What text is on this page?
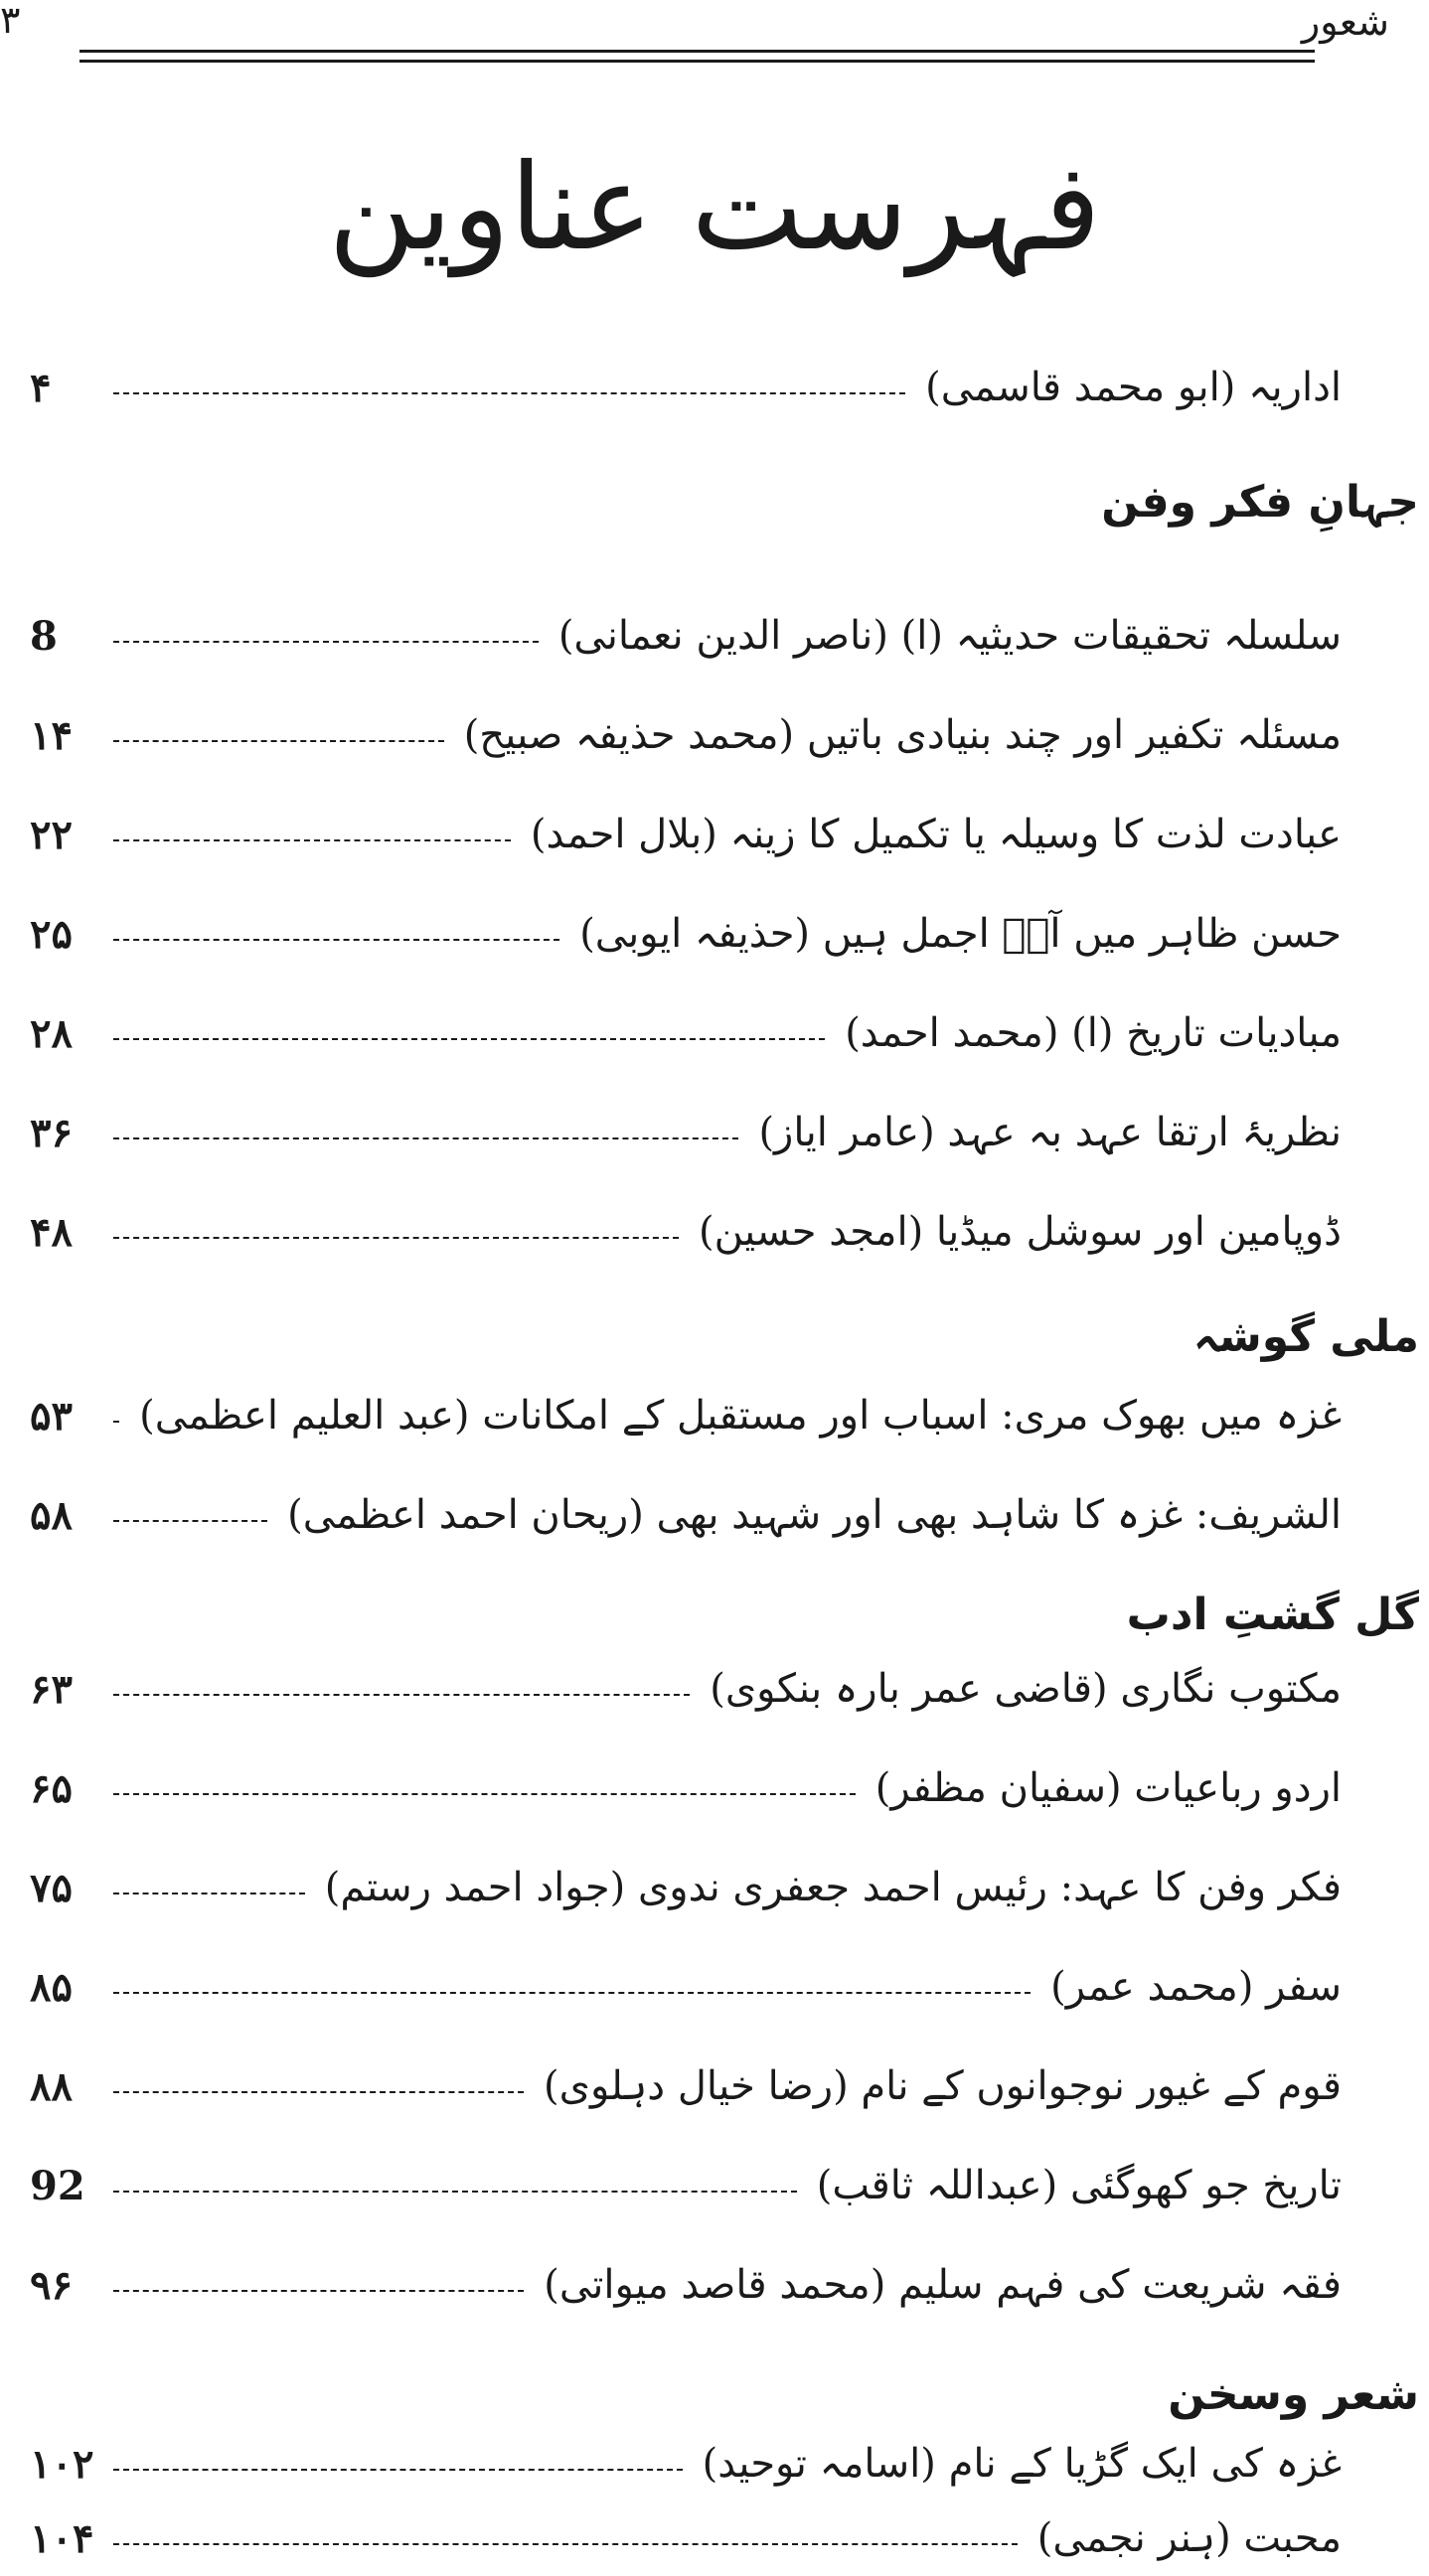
شعور
۳
فہرست عناوین
اداریہ (ابو محمد قاسمی)
۴
جہانِ فکر وفن
سلسلہ تحقیقات حدیثیہ (ا) (ناصر الدین نعمانی)
8
مسئلہ تکفیر اور چند بنیادی باتیں (محمد حذیفہ صبیح)
۱۴
عبادت لذت کا وسیلہ یا تکمیل کا زینہ (بلال احمد)
۲۲
حسن ظاہر میں آپؐ اجمل ہیں (حذیفہ ایوبی)
۲۵
مبادیات تاریخ (ا) (محمد احمد)
۲۸
نظریۂ ارتقا عہد بہ عہد (عامر ایاز)
۳۶
ڈوپامین اور سوشل میڈیا (امجد حسین)
۴۸
ملی گوشہ
غزہ میں بھوک مری: اسباب اور مستقبل کے امکانات (عبد العلیم اعظمی)
۵۳
الشریف: غزہ کا شاہد بھی اور شہید بھی (ریحان احمد اعظمی)
۵۸
گل گشتِ ادب
مکتوب نگاری (قاضی عمر بارہ بنکوی)
۶۳
اردو رباعیات (سفیان مظفر)
۶۵
فکر وفن کا عہد: رئیس احمد جعفری ندوی (جواد احمد رستم)
۷۵
سفر (محمد عمر)
۸۵
قوم کے غیور نوجوانوں کے نام (رضا خیال دہلوی)
۸۸
تاریخ جو کھوگئی (عبداللہ ثاقب)
92
فقہ شریعت کی فہم سلیم (محمد قاصد میواتی)
۹۶
شعر وسخن
غزہ کی ایک گڑیا کے نام (اسامہ توحید)
۱۰۲
محبت (ہنر نجمی)
۱۰۴
